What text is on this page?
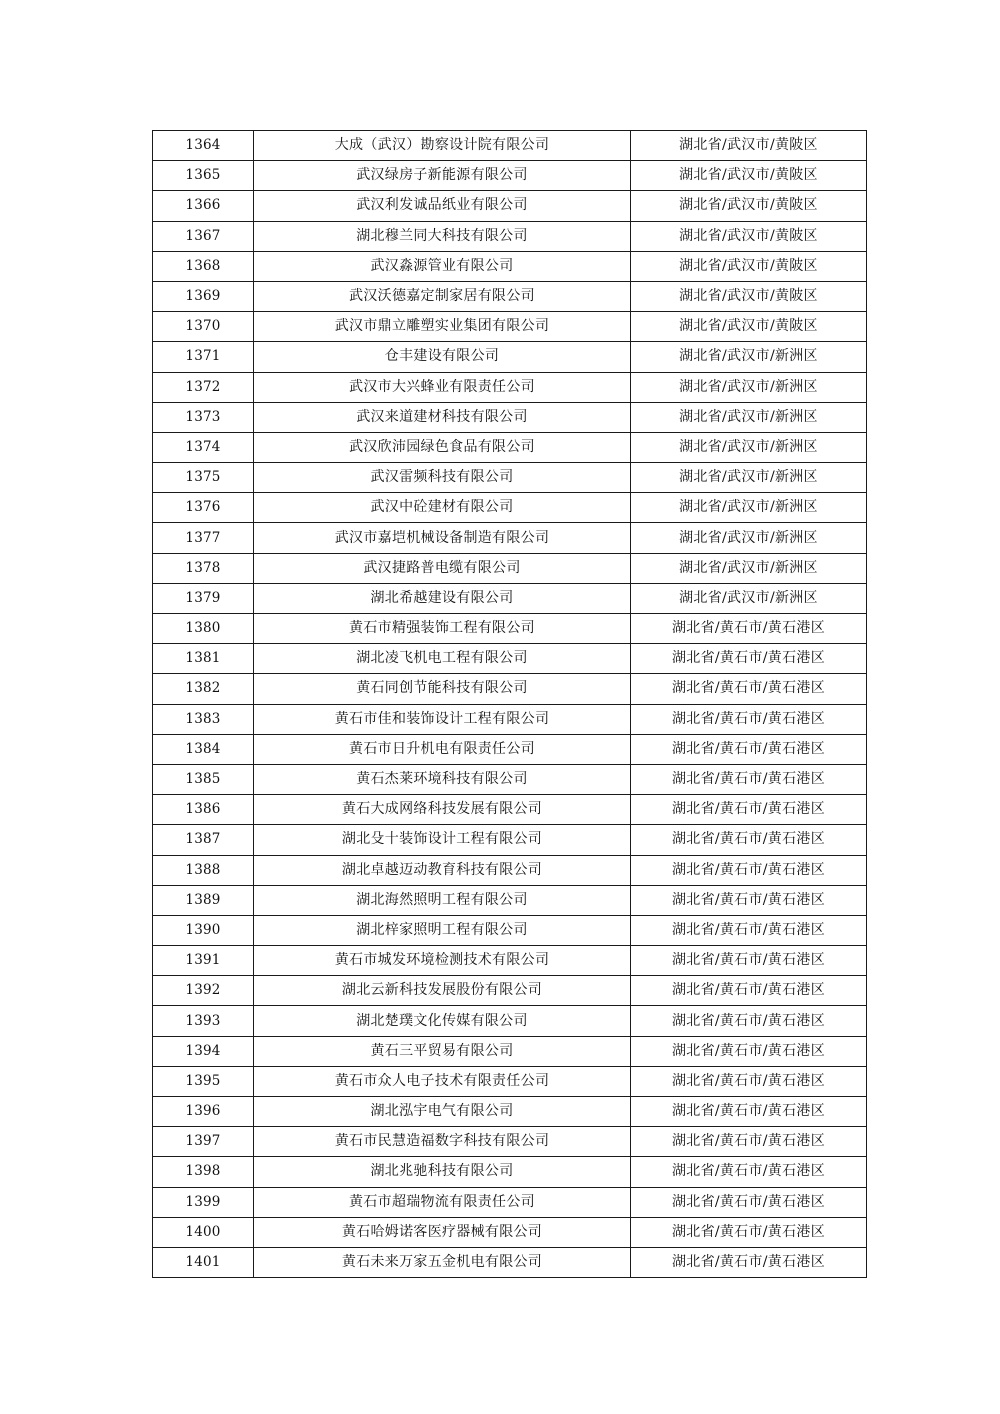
1364	大成（武汉）勘察设计院有限公司	湖北省/武汉市/黄陂区
1365	武汉绿房子新能源有限公司	湖北省/武汉市/黄陂区
1366	武汉利发诚品纸业有限公司	湖北省/武汉市/黄陂区
1367	湖北穆兰同大科技有限公司	湖北省/武汉市/黄陂区
1368	武汉淼源管业有限公司	湖北省/武汉市/黄陂区
1369	武汉沃德嘉定制家居有限公司	湖北省/武汉市/黄陂区
1370	武汉市鼎立雕塑实业集团有限公司	湖北省/武汉市/黄陂区
1371	仓丰建设有限公司	湖北省/武汉市/新洲区
1372	武汉市大兴蜂业有限责任公司	湖北省/武汉市/新洲区
1373	武汉来道建材科技有限公司	湖北省/武汉市/新洲区
1374	武汉欣沛园绿色食品有限公司	湖北省/武汉市/新洲区
1375	武汉雷频科技有限公司	湖北省/武汉市/新洲区
1376	武汉中砼建材有限公司	湖北省/武汉市/新洲区
1377	武汉市嘉垲机械设备制造有限公司	湖北省/武汉市/新洲区
1378	武汉捷路普电缆有限公司	湖北省/武汉市/新洲区
1379	湖北希越建设有限公司	湖北省/武汉市/新洲区
1380	黄石市精强装饰工程有限公司	湖北省/黄石市/黄石港区
1381	湖北凌飞机电工程有限公司	湖北省/黄石市/黄石港区
1382	黄石同创节能科技有限公司	湖北省/黄石市/黄石港区
1383	黄石市佳和装饰设计工程有限公司	湖北省/黄石市/黄石港区
1384	黄石市日升机电有限责任公司	湖北省/黄石市/黄石港区
1385	黄石杰莱环境科技有限公司	湖北省/黄石市/黄石港区
1386	黄石大成网络科技发展有限公司	湖北省/黄石市/黄石港区
1387	湖北殳十装饰设计工程有限公司	湖北省/黄石市/黄石港区
1388	湖北卓越迈动教育科技有限公司	湖北省/黄石市/黄石港区
1389	湖北海然照明工程有限公司	湖北省/黄石市/黄石港区
1390	湖北梓家照明工程有限公司	湖北省/黄石市/黄石港区
1391	黄石市城发环境检测技术有限公司	湖北省/黄石市/黄石港区
1392	湖北云新科技发展股份有限公司	湖北省/黄石市/黄石港区
1393	湖北楚璞文化传媒有限公司	湖北省/黄石市/黄石港区
1394	黄石三平贸易有限公司	湖北省/黄石市/黄石港区
1395	黄石市众人电子技术有限责任公司	湖北省/黄石市/黄石港区
1396	湖北泓宇电气有限公司	湖北省/黄石市/黄石港区
1397	黄石市民慧造福数字科技有限公司	湖北省/黄石市/黄石港区
1398	湖北兆驰科技有限公司	湖北省/黄石市/黄石港区
1399	黄石市超瑞物流有限责任公司	湖北省/黄石市/黄石港区
1400	黄石哈姆诺客医疗器械有限公司	湖北省/黄石市/黄石港区
1401	黄石未来万家五金机电有限公司	湖北省/黄石市/黄石港区
